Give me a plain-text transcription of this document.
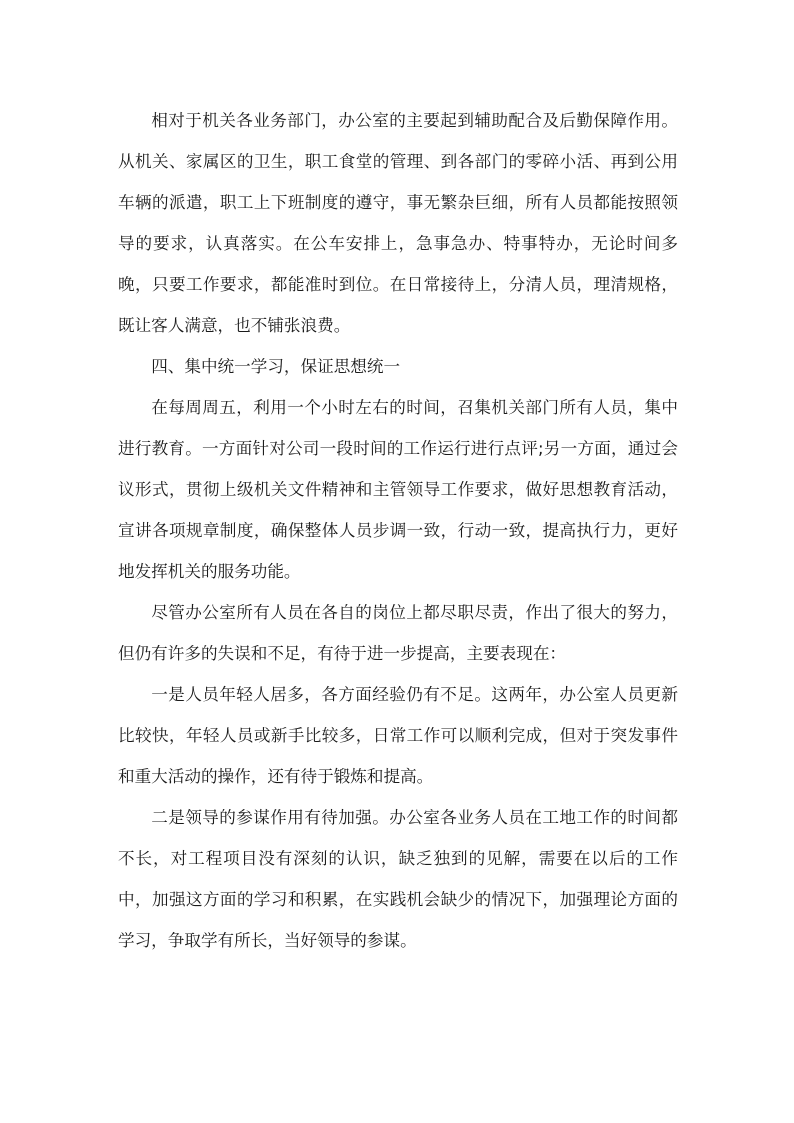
相对于机关各业务部门，办公室的主要起到辅助配合及后勤保障作用。从机关、家属区的卫生，职工食堂的管理、到各部门的零碎小活、再到公用车辆的派遣，职工上下班制度的遵守，事无繁杂巨细，所有人员都能按照领导的要求，认真落实。在公车安排上，急事急办、特事特办，无论时间多晚，只要工作要求，都能准时到位。在日常接待上，分清人员，理清规格，既让客人满意，也不铺张浪费。

四、集中统一学习，保证思想统一

在每周周五，利用一个小时左右的时间，召集机关部门所有人员，集中进行教育。一方面针对公司一段时间的工作运行进行点评;另一方面，通过会议形式，贯彻上级机关文件精神和主管领导工作要求，做好思想教育活动，宣讲各项规章制度，确保整体人员步调一致，行动一致，提高执行力，更好地发挥机关的服务功能。

尽管办公室所有人员在各自的岗位上都尽职尽责，作出了很大的努力，但仍有许多的失误和不足，有待于进一步提高，主要表现在：

一是人员年轻人居多，各方面经验仍有不足。这两年，办公室人员更新比较快，年轻人员或新手比较多，日常工作可以顺利完成，但对于突发事件和重大活动的操作，还有待于锻炼和提高。

二是领导的参谋作用有待加强。办公室各业务人员在工地工作的时间都不长，对工程项目没有深刻的认识，缺乏独到的见解，需要在以后的工作中，加强这方面的学习和积累，在实践机会缺少的情况下，加强理论方面的学习，争取学有所长，当好领导的参谋。
